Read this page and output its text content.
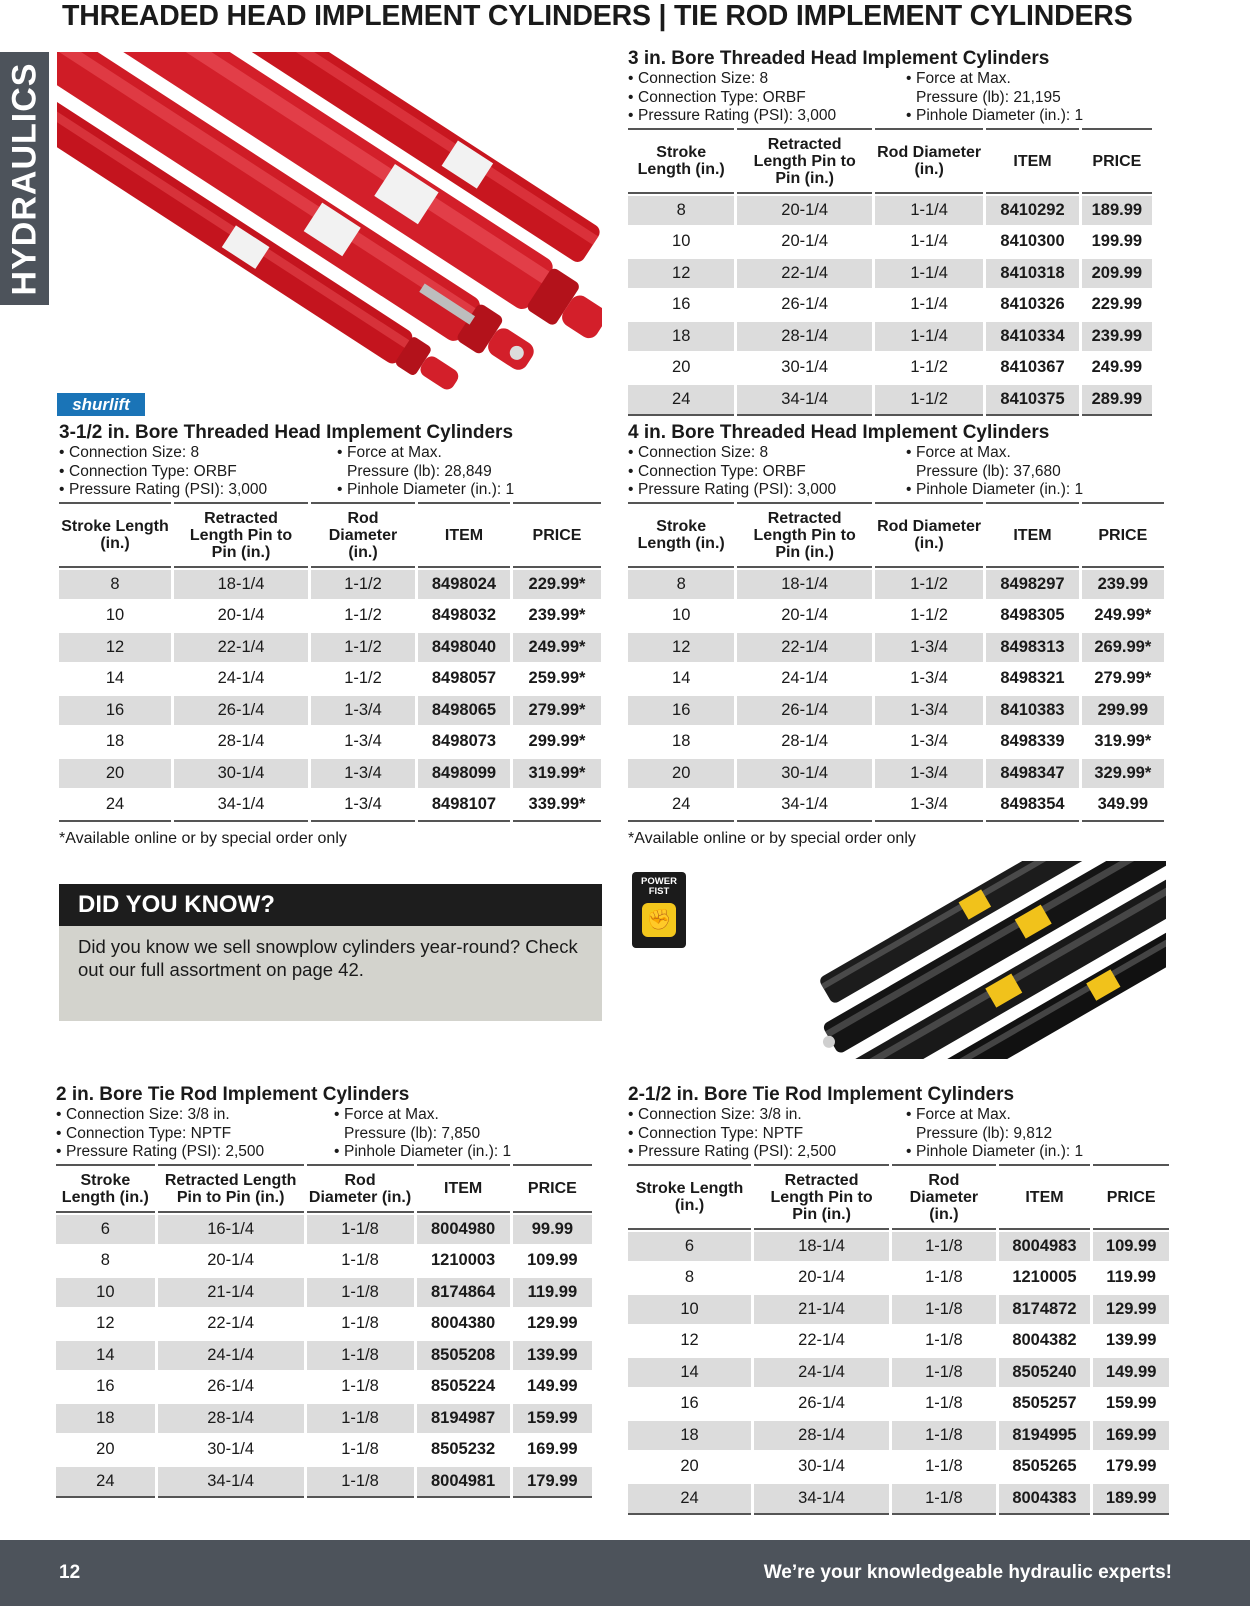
THREADED HEAD IMPLEMENT CYLINDERS | TIE ROD IMPLEMENT CYLINDERS
HYDRAULICS
shurlift
3-1/2 in. Bore Threaded Head Implement Cylinders
• Connection Size: 8
• Connection Type: ORBF
• Pressure Rating (PSI): 3,000
• Force at Max.
Pressure (lb): 28,849
• Pinhole Diameter (in.): 1
Stroke Length (in.)	Retracted Length Pin to Pin (in.)	Rod Diameter (in.)	ITEM	PRICE
8	18-1/4	1-1/2	8498024	229.99*
10	20-1/4	1-1/2	8498032	239.99*
12	22-1/4	1-1/2	8498040	249.99*
14	24-1/4	1-1/2	8498057	259.99*
16	26-1/4	1-3/4	8498065	279.99*
18	28-1/4	1-3/4	8498073	299.99*
20	30-1/4	1-3/4	8498099	319.99*
24	34-1/4	1-3/4	8498107	339.99*
*Available online or by special order only
3 in. Bore Threaded Head Implement Cylinders
• Connection Size: 8
• Connection Type: ORBF
• Pressure Rating (PSI): 3,000
• Force at Max.
Pressure (lb): 21,195
• Pinhole Diameter (in.): 1
Stroke Length (in.)	Retracted Length Pin to Pin (in.)	Rod Diameter (in.)	ITEM	PRICE
8	20-1/4	1-1/4	8410292	189.99
10	20-1/4	1-1/4	8410300	199.99
12	22-1/4	1-1/4	8410318	209.99
16	26-1/4	1-1/4	8410326	229.99
18	28-1/4	1-1/4	8410334	239.99
20	30-1/4	1-1/2	8410367	249.99
24	34-1/4	1-1/2	8410375	289.99
4 in. Bore Threaded Head Implement Cylinders
• Connection Size: 8
• Connection Type: ORBF
• Pressure Rating (PSI): 3,000
• Force at Max.
Pressure (lb): 37,680
• Pinhole Diameter (in.): 1
Stroke Length (in.)	Retracted Length Pin to Pin (in.)	Rod Diameter (in.)	ITEM	PRICE
8	18-1/4	1-1/2	8498297	239.99
10	20-1/4	1-1/2	8498305	249.99*
12	22-1/4	1-3/4	8498313	269.99*
14	24-1/4	1-3/4	8498321	279.99*
16	26-1/4	1-3/4	8410383	299.99
18	28-1/4	1-3/4	8498339	319.99*
20	30-1/4	1-3/4	8498347	329.99*
24	34-1/4	1-3/4	8498354	349.99
*Available online or by special order only
DID YOU KNOW?
Did you know we sell snowplow cylinders year-round? Check out our full assortment on page 42.
POWER FIST
✊
2 in. Bore Tie Rod Implement Cylinders
• Connection Size: 3/8 in.
• Connection Type: NPTF
• Pressure Rating (PSI): 2,500
• Force at Max.
Pressure (lb): 7,850
• Pinhole Diameter (in.): 1
Stroke Length (in.)	Retracted Length Pin to Pin (in.)	Rod Diameter (in.)	ITEM	PRICE
6	16-1/4	1-1/8	8004980	99.99
8	20-1/4	1-1/8	1210003	109.99
10	21-1/4	1-1/8	8174864	119.99
12	22-1/4	1-1/8	8004380	129.99
14	24-1/4	1-1/8	8505208	139.99
16	26-1/4	1-1/8	8505224	149.99
18	28-1/4	1-1/8	8194987	159.99
20	30-1/4	1-1/8	8505232	169.99
24	34-1/4	1-1/8	8004981	179.99
2-1/2 in. Bore Tie Rod Implement Cylinders
• Connection Size: 3/8 in.
• Connection Type: NPTF
• Pressure Rating (PSI): 2,500
• Force at Max.
Pressure (lb): 9,812
• Pinhole Diameter (in.): 1
Stroke Length (in.)	Retracted Length Pin to Pin (in.)	Rod Diameter (in.)	ITEM	PRICE
6	18-1/4	1-1/8	8004983	109.99
8	20-1/4	1-1/8	1210005	119.99
10	21-1/4	1-1/8	8174872	129.99
12	22-1/4	1-1/8	8004382	139.99
14	24-1/4	1-1/8	8505240	149.99
16	26-1/4	1-1/8	8505257	159.99
18	28-1/4	1-1/8	8194995	169.99
20	30-1/4	1-1/8	8505265	179.99
24	34-1/4	1-1/8	8004383	189.99
12	We’re your knowledgeable hydraulic experts!
